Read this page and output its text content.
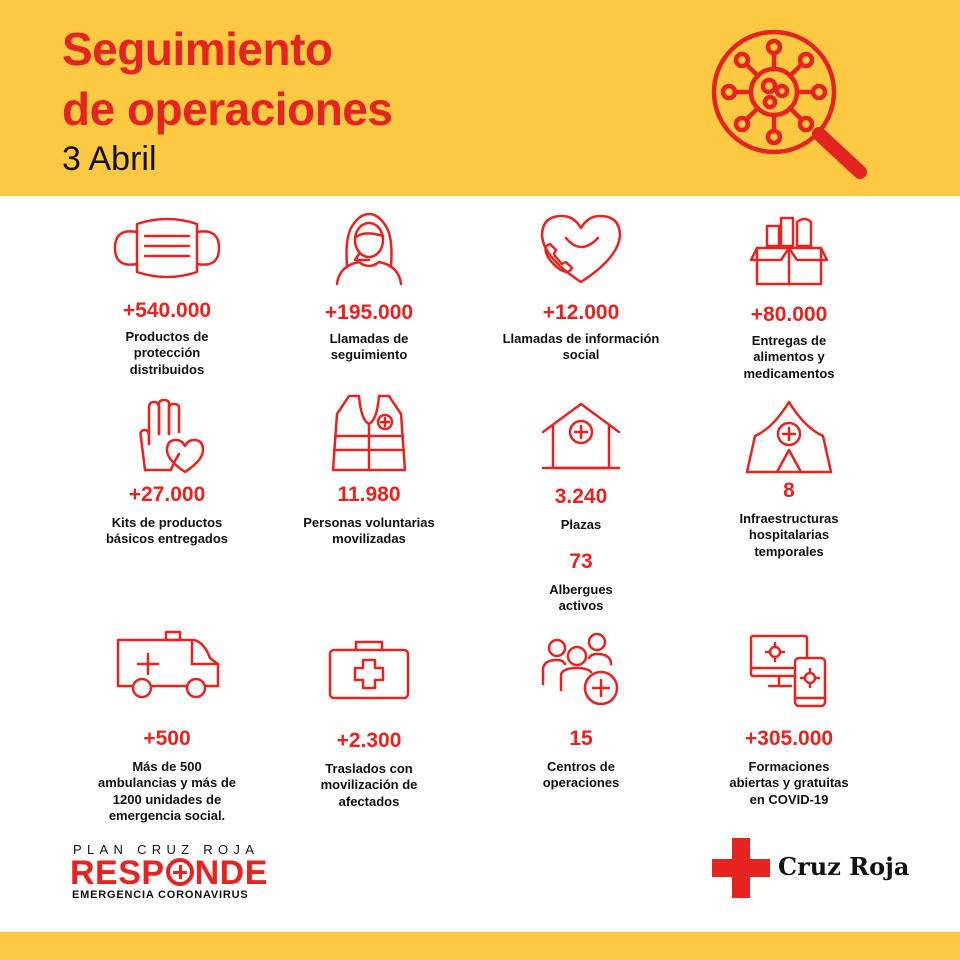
Seguimiento
de operaciones
3 Abril
+540.000
Productos de
protección
distribuidos
+195.000
Llamadas de
seguimiento
+12.000
Llamadas de información
social
+80.000
Entregas de
alimentos y
medicamentos
+27.000
Kits de productos
básicos entregados
11.980
Personas voluntarias
movilizadas
3.240
Plazas
73
Albergues
activos
8
Infraestructuras
hospitalarias
temporales
+500
Más de 500
ambulancias y más de
1200 unidades de
emergencia social.
+2.300
Traslados con
movilización de
afectados
15
Centros de
operaciones
+305.000
Formaciones
abiertas y gratuitas
en COVID-19
PLAN CRUZ ROJA
RESP NDE
EMERGENCIA CORONAVIRUS
Cruz Roja
